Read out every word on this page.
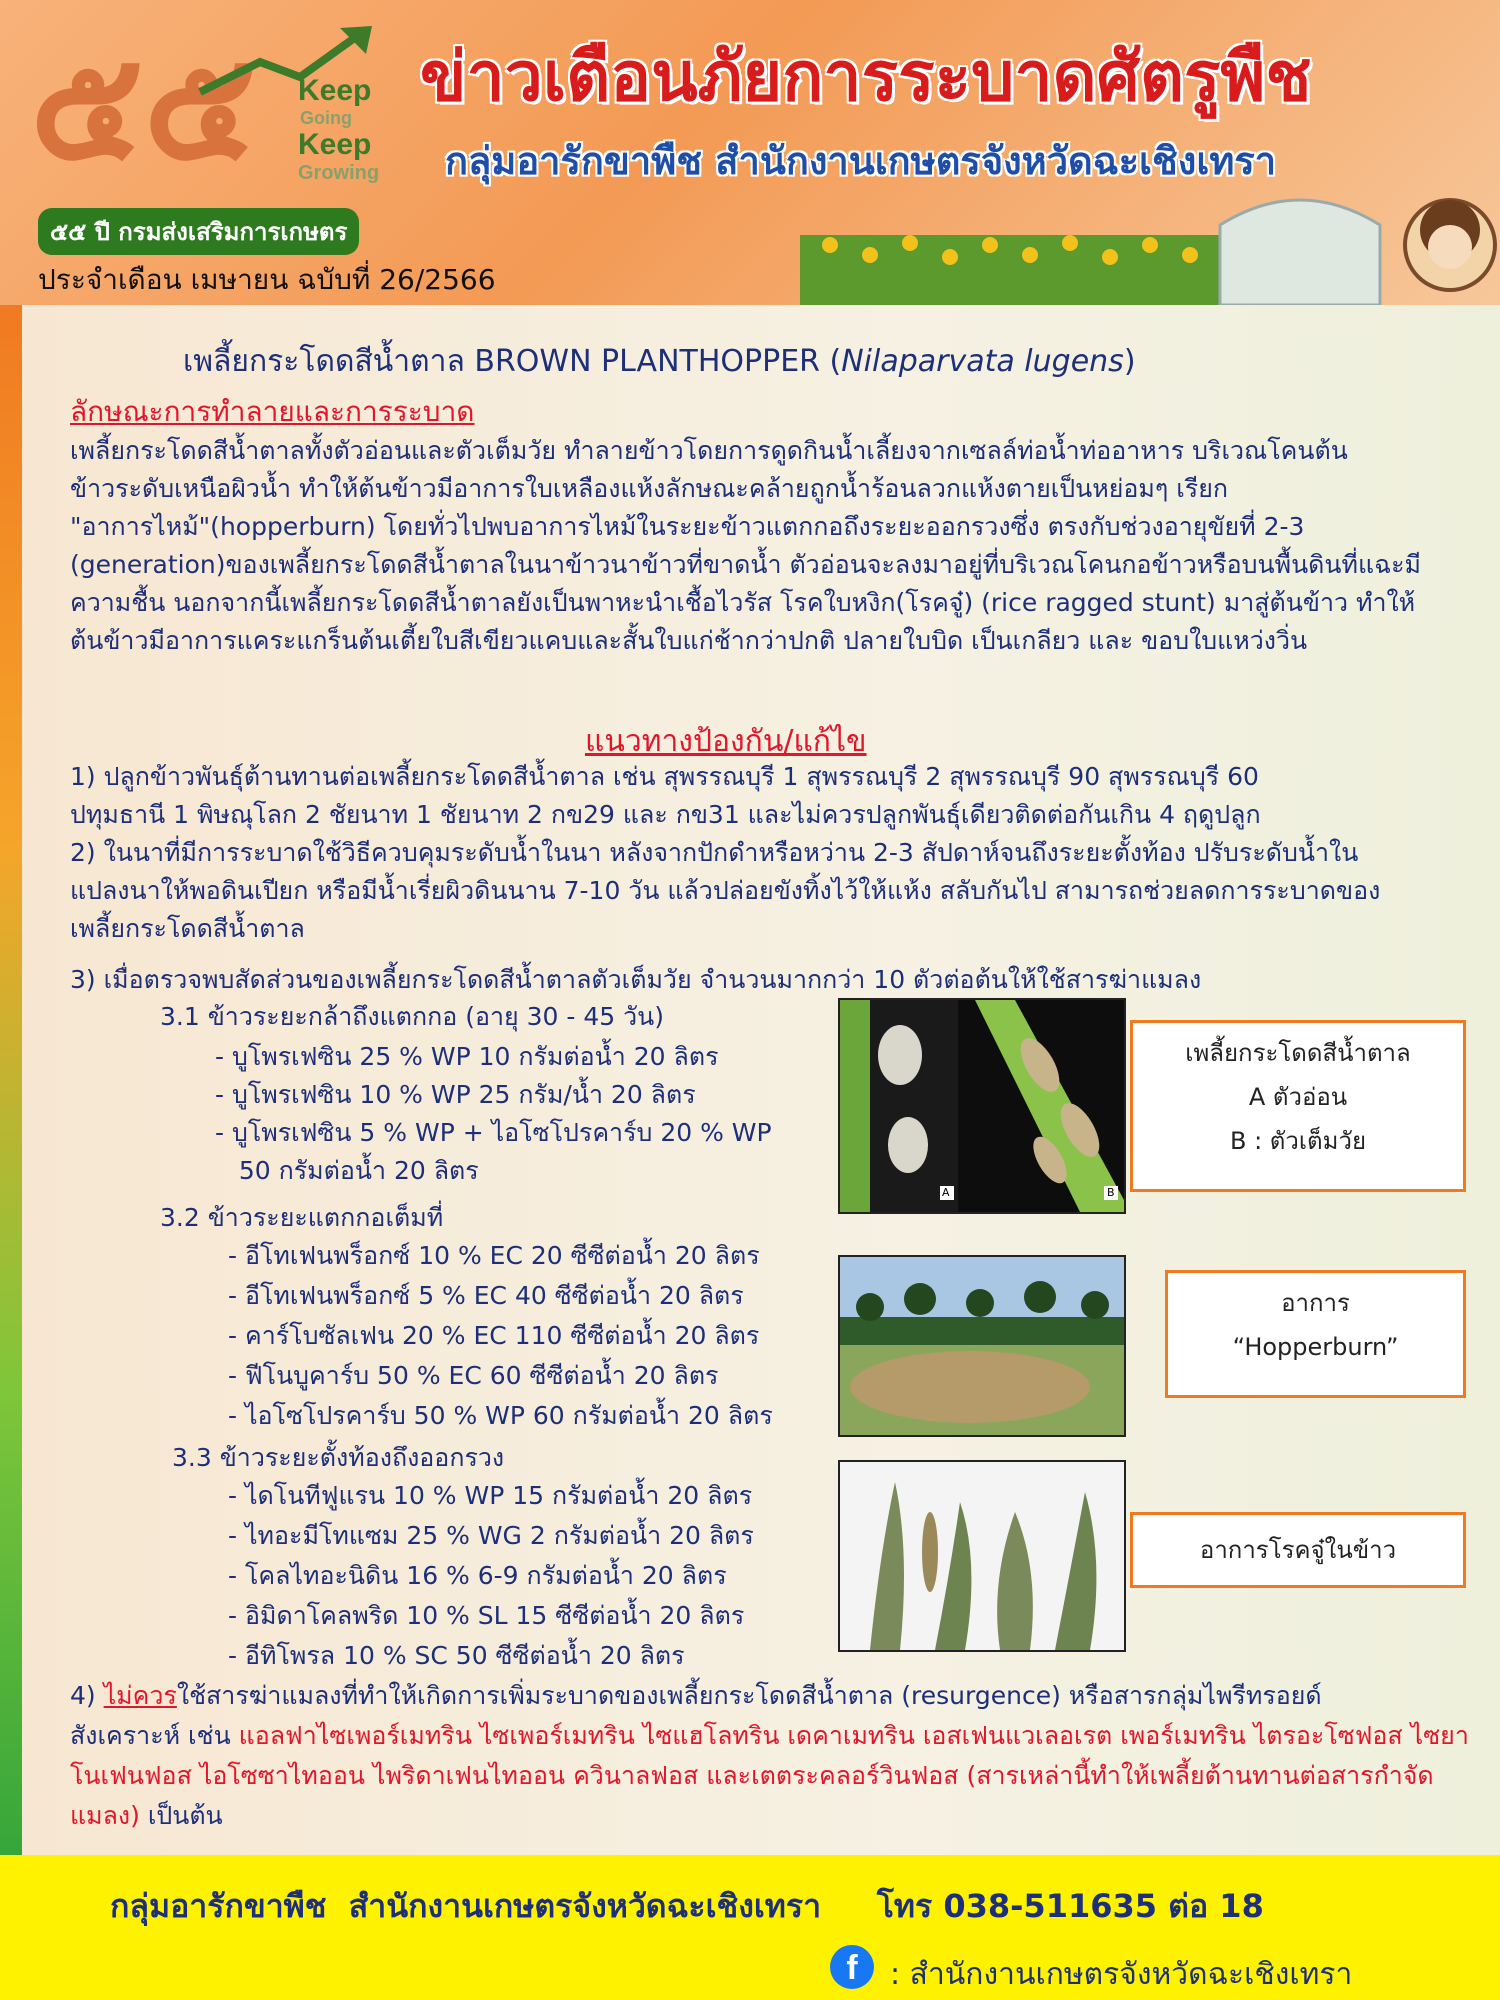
๕๕ Keep
Going
Keep
Growing
๕๕ ปี กรมส่งเสริมการเกษตร
ข่าวเตือนภัยการระบาดศัตรูพืช
กลุ่มอารักขาพืช สำนักงานเกษตรจังหวัดฉะเชิงเทรา
ประจำเดือน เมษายน ฉบับที่ 26/2566
เพลี้ยกระโดดสีน้ำตาล BROWN PLANTHOPPER (Nilaparvata lugens)
ลักษณะการทำลายและการระบาด
เพลี้ยกระโดดสีน้ำตาลทั้งตัวอ่อนและตัวเต็มวัย ทำลายข้าวโดยการดูดกินน้ำเลี้ยงจากเซลล์ท่อน้ำท่ออาหาร บริเวณโคนต้น
ข้าวระดับเหนือผิวน้ำ ทำให้ต้นข้าวมีอาการใบเหลืองแห้งลักษณะคล้ายถูกน้ำร้อนลวกแห้งตายเป็นหย่อมๆ เรียก
"อาการไหม้"(hopperburn) โดยทั่วไปพบอาการไหม้ในระยะข้าวแตกกอถึงระยะออกรวงซึ่ง ตรงกับช่วงอายุขัยที่ 2-3
(generation)ของเพลี้ยกระโดดสีน้ำตาลในนาข้าวนาข้าวที่ขาดน้ำ ตัวอ่อนจะลงมาอยู่ที่บริเวณโคนกอข้าวหรือบนพื้นดินที่แฉะมี
ความชื้น นอกจากนี้เพลี้ยกระโดดสีน้ำตาลยังเป็นพาหะนำเชื้อไวรัส โรคใบหงิก(โรคจู๋) (rice ragged stunt) มาสู่ต้นข้าว ทำให้
ต้นข้าวมีอาการแคระแกร็นต้นเตี้ยใบสีเขียวแคบและสั้นใบแก่ช้ากว่าปกติ ปลายใบบิด เป็นเกลียว และ ขอบใบแหว่งวิ่น
แนวทางป้องกัน/แก้ไข
1) ปลูกข้าวพันธุ์ต้านทานต่อเพลี้ยกระโดดสีน้ำตาล เช่น สุพรรณบุรี 1 สุพรรณบุรี 2 สุพรรณบุรี 90 สุพรรณบุรี 60
ปทุมธานี 1 พิษณุโลก 2 ชัยนาท 1 ชัยนาท 2 กข29 และ กข31 และไม่ควรปลูกพันธุ์เดียวติดต่อกันเกิน 4 ฤดูปลูก
2) ในนาที่มีการระบาดใช้วิธีควบคุมระดับน้ำในนา หลังจากปักดำหรือหว่าน 2-3 สัปดาห์จนถึงระยะตั้งท้อง ปรับระดับน้ำใน
แปลงนาให้พอดินเปียก หรือมีน้ำเรี่ยผิวดินนาน 7-10 วัน แล้วปล่อยขังทิ้งไว้ให้แห้ง สลับกันไป สามารถช่วยลดการระบาดของ
เพลี้ยกระโดดสีน้ำตาล
3) เมื่อตรวจพบสัดส่วนของเพลี้ยกระโดดสีน้ำตาลตัวเต็มวัย จำนวนมากกว่า 10 ตัวต่อต้นให้ใช้สารฆ่าแมลง
3.1 ข้าวระยะกล้าถึงแตกกอ (อายุ 30 - 45 วัน)
- บูโพรเฟซิน 25 % WP 10 กรัมต่อน้ำ 20 ลิตร
- บูโพรเฟซิน 10 % WP 25 กรัม/น้ำ 20 ลิตร
- บูโพรเฟซิน 5 % WP + ไอโซโปรคาร์บ 20 % WP
50 กรัมต่อน้ำ 20 ลิตร
3.2 ข้าวระยะแตกกอเต็มที่
- อีโทเฟนพร็อกซ์ 10 % EC 20 ซีซีต่อน้ำ 20 ลิตร
- อีโทเฟนพร็อกซ์ 5 % EC 40 ซีซีต่อน้ำ 20 ลิตร
- คาร์โบซัลเฟน 20 % EC 110 ซีซีต่อน้ำ 20 ลิตร
- ฟีโนบูคาร์บ 50 % EC 60 ซีซีต่อน้ำ 20 ลิตร
- ไอโซโปรคาร์บ 50 % WP 60 กรัมต่อน้ำ 20 ลิตร
3.3 ข้าวระยะตั้งท้องถึงออกรวง
- ไดโนทีฟูแรน 10 % WP 15 กรัมต่อน้ำ 20 ลิตร
- ไทอะมีโทแซม 25 % WG 2 กรัมต่อน้ำ 20 ลิตร
- โคลไทอะนิดิน 16 % 6-9 กรัมต่อน้ำ 20 ลิตร
- อิมิดาโคลพริด 10 % SL 15 ซีซีต่อน้ำ 20 ลิตร
- อีทิโพรล 10 % SC 50 ซีซีต่อน้ำ 20 ลิตร
4) ไม่ควรใช้สารฆ่าแมลงที่ทำให้เกิดการเพิ่มระบาดของเพลี้ยกระโดดสีน้ำตาล (resurgence) หรือสารกลุ่มไพรีทรอยด์
สังเคราะห์ เช่น แอลฟาไซเพอร์เมทริน ไซเพอร์เมทริน ไซแฮโลทริน เดคาเมทริน เอสเฟนแวเลอเรต เพอร์เมทริน ไตรอะโซฟอส ไซยา
โนเฟนฟอส ไอโซซาไทออน ไพริดาเฟนไทออน ควินาลฟอส และเตตระคลอร์วินฟอส (สารเหล่านี้ทำให้เพลี้ยต้านทานต่อสารกำจัด
แมลง) เป็นต้น
A	B
เพลี้ยกระโดดสีน้ำตาล
A ตัวอ่อน
B : ตัวเต็มวัย
อาการ
“Hopperburn”
อาการโรคจู๋ในข้าว
กลุ่มอารักขาพืช  สำนักงานเกษตรจังหวัดฉะเชิงเทรา     โทร 038-511635 ต่อ 18
f	: สำนักงานเกษตรจังหวัดฉะเชิงเทรา
